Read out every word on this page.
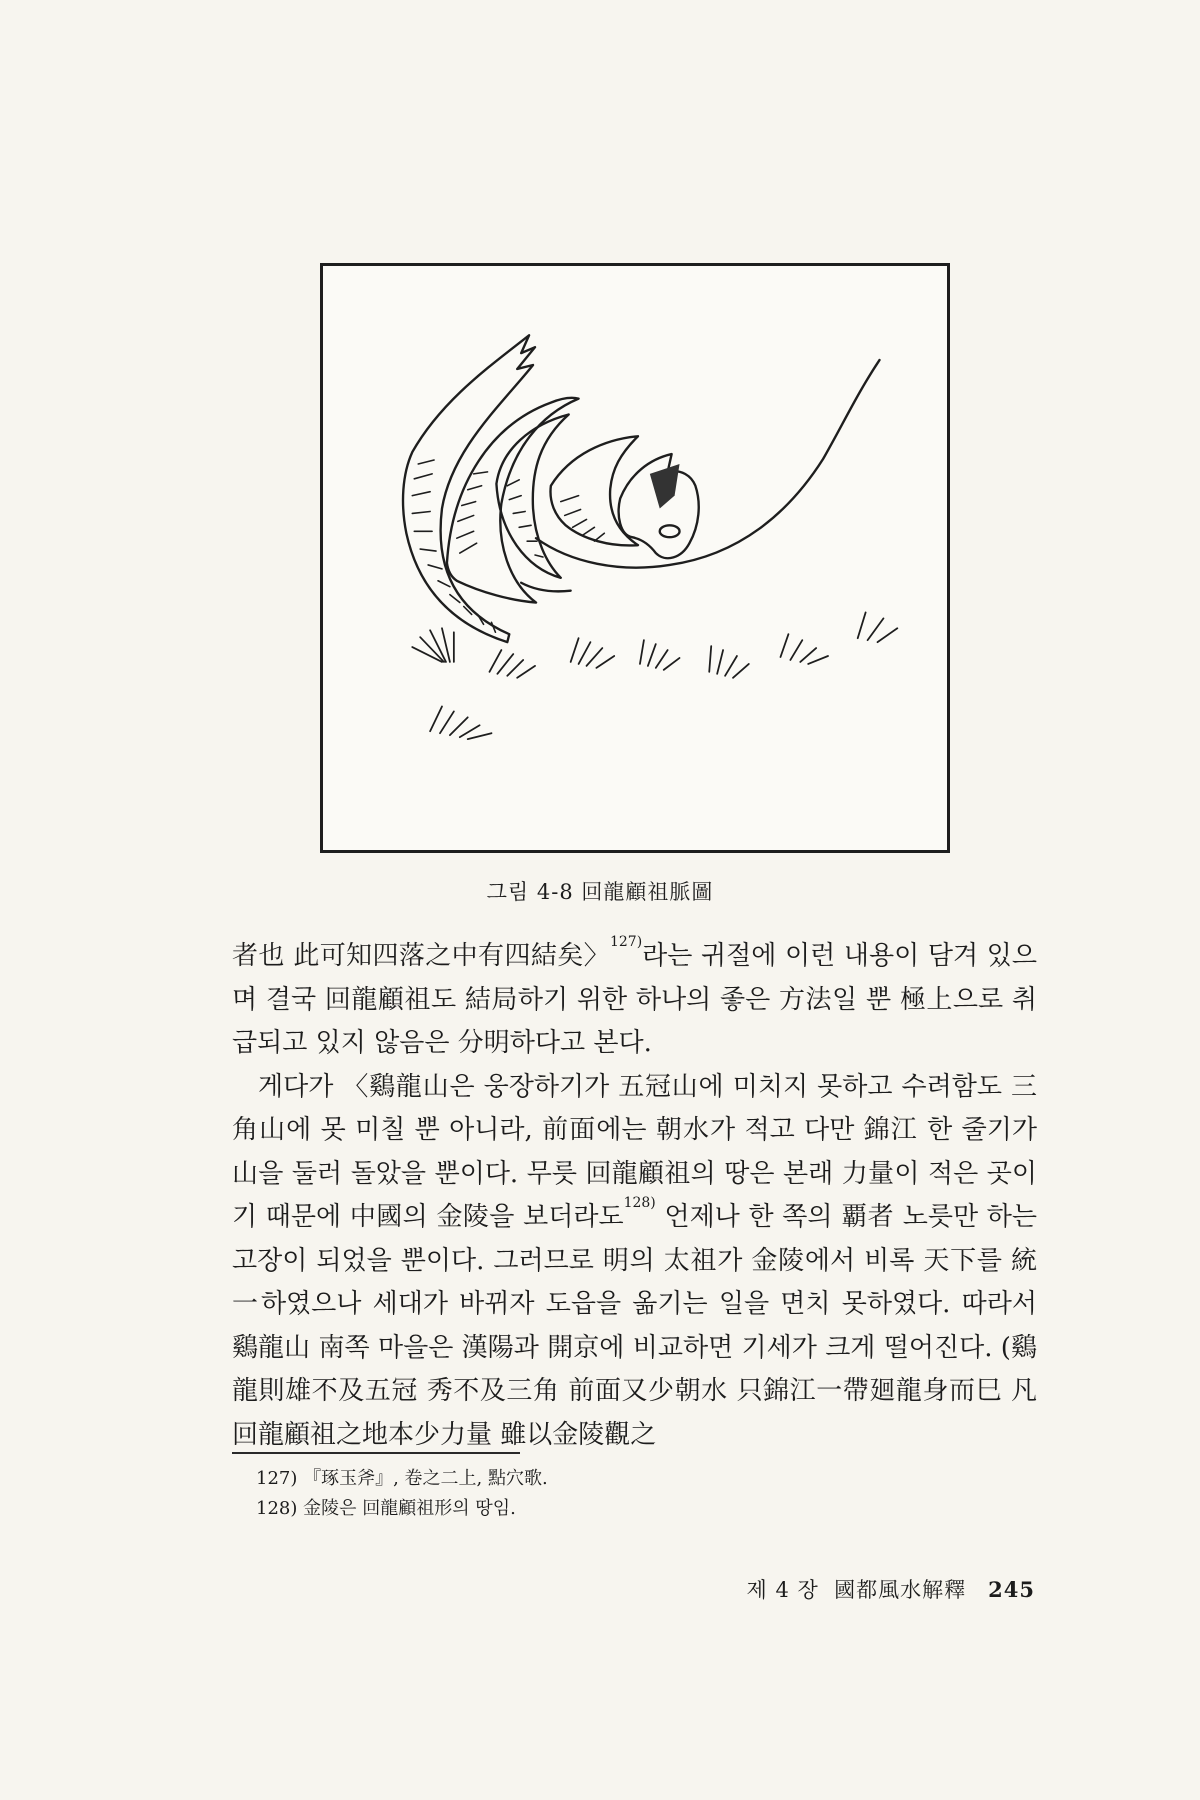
그림 4-8 回龍顧祖脈圖

者也 此可知四落之中有四結矣〉$^{127)}$라는 귀절에 이런 내용이 담겨 있으며 결국 回龍顧祖도 結局하기 위한 하나의 좋은 方法일 뿐 極上으로 취급되고 있지 않음은 分明하다고 본다.

게다가 〈鷄龍山은 웅장하기가 五冠山에 미치지 못하고 수려함도 三角山에 못 미칠 뿐 아니라, 前面에는 朝水가 적고 다만 錦江 한 줄기가 山을 둘러 돌았을 뿐이다. 무릇 回龍顧祖의 땅은 본래 力量이 적은 곳이기 때문에 中國의 金陵을 보더라도$^{128)}$ 언제나 한 쪽의 覇者 노릇만 하는 고장이 되었을 뿐이다. 그러므로 明의 太祖가 金陵에서 비록 天下를 統一하였으나 세대가 바뀌자 도읍을 옮기는 일을 면치 못하였다. 따라서 鷄龍山 南쪽 마을은 漢陽과 開京에 비교하면 기세가 크게 떨어진다. (鷄龍則雄不及五冠 秀不及三角 前面又少朝水 只錦江一帶廻龍身而巳 凡回龍顧祖之地本少力量 雖以金陵觀之

127) 『琢玉斧』, 卷之二上, 點穴歌.
128) 金陵은 回龍顧祖形의 땅임.
제 4 장  國都風水解釋 245
